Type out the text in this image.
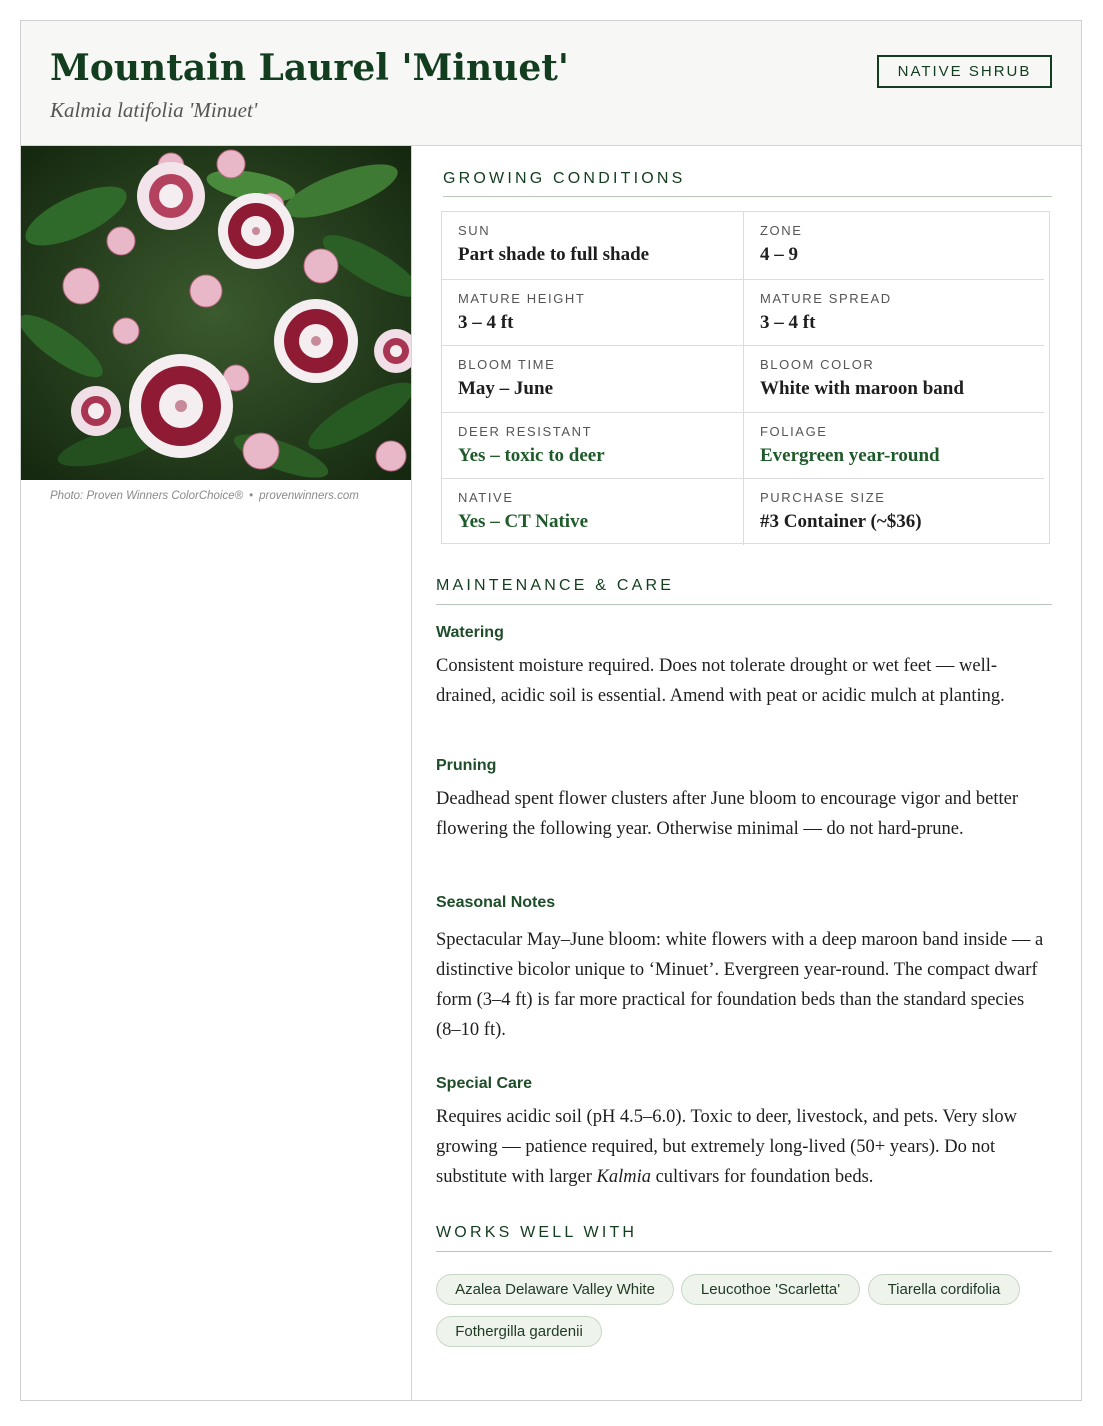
Mountain Laurel 'Minuet'
Kalmia latifolia 'Minuet'
NATIVE SHRUB
Photo: Proven Winners ColorChoice® • provenwinners.com
GROWING CONDITIONS
SUN
Part shade to full shade
ZONE
4 – 9
MATURE HEIGHT
3 – 4 ft
MATURE SPREAD
3 – 4 ft
BLOOM TIME
May – June
BLOOM COLOR
White with maroon band
DEER RESISTANT
Yes – toxic to deer
FOLIAGE
Evergreen year-round
NATIVE
Yes – CT Native
PURCHASE SIZE
#3 Container (~$36)
MAINTENANCE & CARE
Watering
Consistent moisture required. Does not tolerate drought or wet feet — well-drained, acidic soil is essential. Amend with peat or acidic mulch at planting.
Pruning
Deadhead spent flower clusters after June bloom to encourage vigor and better flowering the following year. Otherwise minimal — do not hard-prune.
Seasonal Notes
Spectacular May–June bloom: white flowers with a deep maroon band inside — a distinctive bicolor unique to ‘Minuet’. Evergreen year-round. The compact dwarf form (3–4 ft) is far more practical for foundation beds than the standard species (8–10 ft).
Special Care
Requires acidic soil (pH 4.5–6.0). Toxic to deer, livestock, and pets. Very slow growing — patience required, but extremely long-lived (50+ years). Do not substitute with larger Kalmia cultivars for foundation beds.
WORKS WELL WITH
Azalea Delaware Valley White	Leucothoe 'Scarletta'	Tiarella cordifolia
Fothergilla gardenii
